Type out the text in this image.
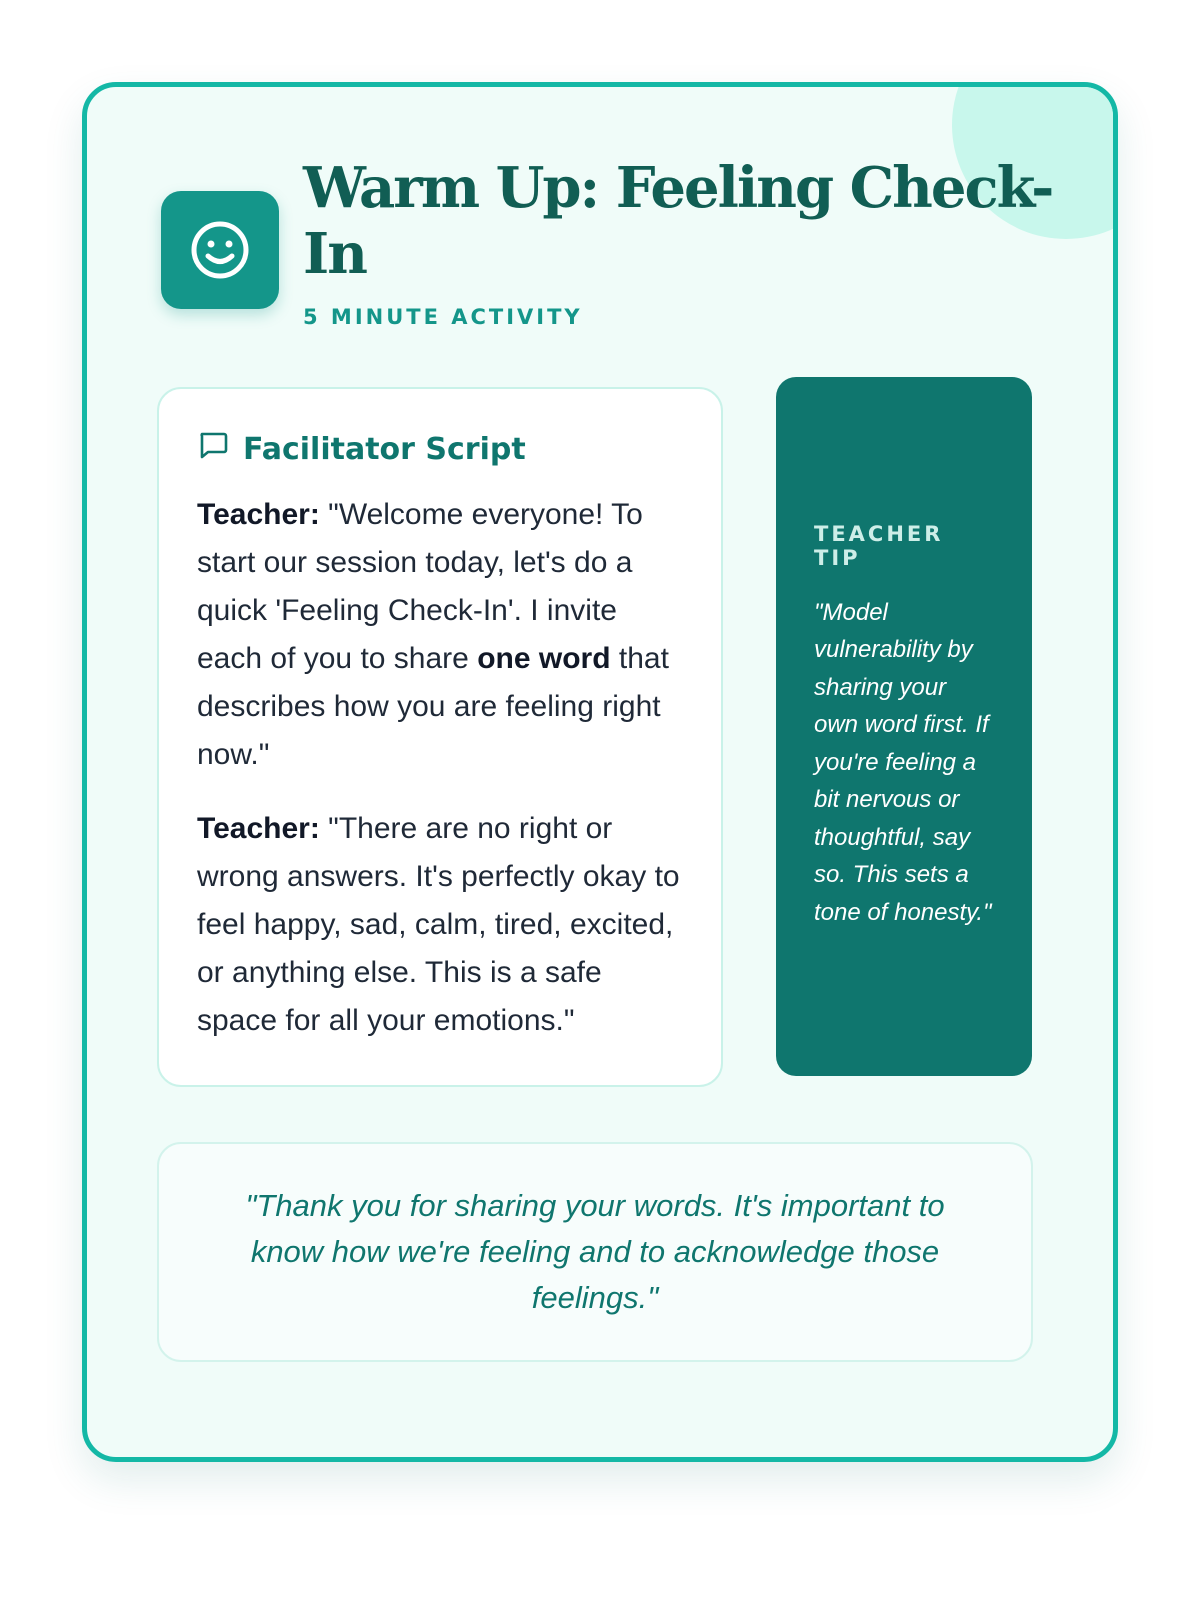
Warm Up: Feeling Check-In
5 MINUTE ACTIVITY
Facilitator Script

Teacher: "Welcome everyone! To start our session today, let's do a quick 'Feeling Check-In'. I invite each of you to share one word that describes how you are feeling right now."

Teacher: "There are no right or wrong answers. It's perfectly okay to feel happy, sad, calm, tired, excited, or anything else. This is a safe space for all your emotions."

TEACHER TIP
"Model vulnerability by sharing your own word first. If you're feeling a bit nervous or thoughtful, say so. This sets a tone of honesty."

"Thank you for sharing your words. It's important to know how we're feeling and to acknowledge those feelings."
